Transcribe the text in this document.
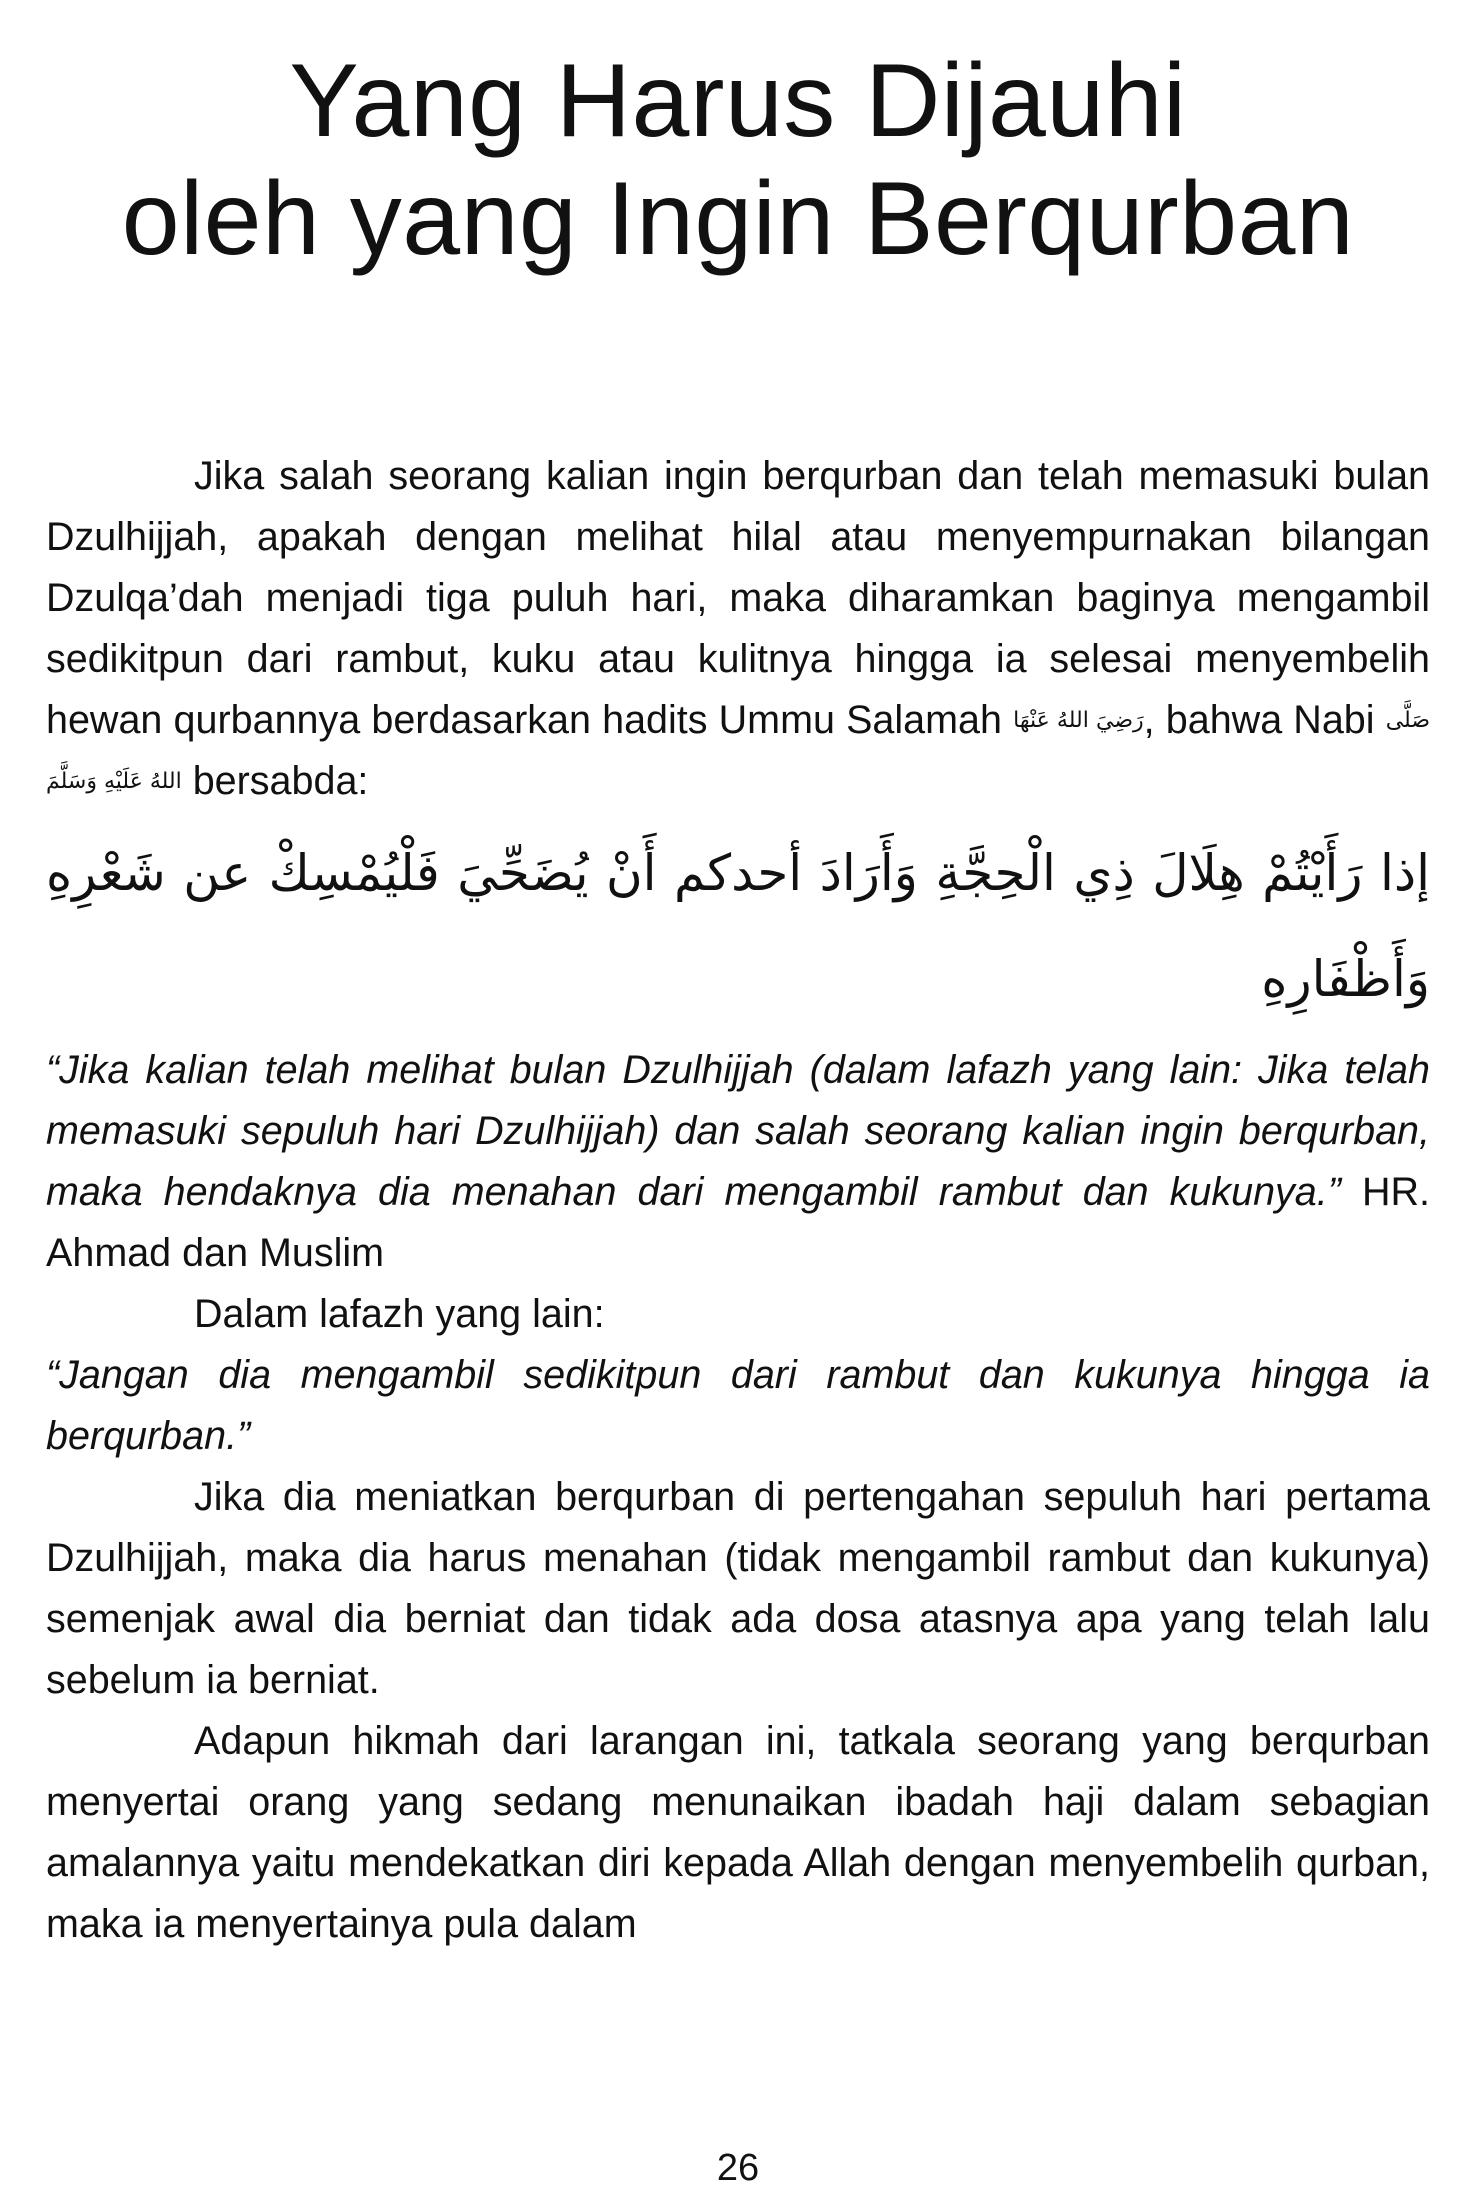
Yang Harus Dijauhi
oleh yang Ingin Berqurban

Jika salah seorang kalian ingin berqurban dan telah memasuki bulan Dzulhijjah, apakah dengan melihat hilal atau menyempurnakan bilangan Dzulqa’dah menjadi tiga puluh hari, maka diharamkan baginya mengambil sedikitpun dari rambut, kuku atau kulitnya hingga ia selesai menyembelih hewan qurbannya berdasarkan hadits Ummu Salamah رَضِيَ اللهُ عَنْهَا, bahwa Nabi صَلَّى اللهُ عَلَيْهِ وَسَلَّمَ bersabda:

إذا رَأَيْتُمْ هِلَالَ ذِي الْحِجَّةِ وَأَرَادَ أحدكم أَنْ يُضَحِّيَ فَلْيُمْسِكْ عن شَعْرِهِ وَأَظْفَارِهِ

“Jika kalian telah melihat bulan Dzulhijjah (dalam lafazh yang lain: Jika telah memasuki sepuluh hari Dzulhijjah) dan salah seorang kalian ingin berqurban, maka hendaknya dia menahan dari mengambil rambut dan kukunya.” HR. Ahmad dan Muslim

Dalam lafazh yang lain:

“Jangan dia mengambil sedikitpun dari rambut dan kukunya hingga ia berqurban.”

Jika dia meniatkan berqurban di pertengahan sepuluh hari pertama Dzulhijjah, maka dia harus menahan (tidak mengambil rambut dan kukunya) semenjak awal dia berniat dan tidak ada dosa atasnya apa yang telah lalu sebelum ia berniat.

Adapun hikmah dari larangan ini, tatkala seorang yang berqurban menyertai orang yang sedang menunaikan ibadah haji dalam sebagian amalannya yaitu mendekatkan diri kepada Allah dengan menyembelih qurban, maka ia menyertainya pula dalam

26
